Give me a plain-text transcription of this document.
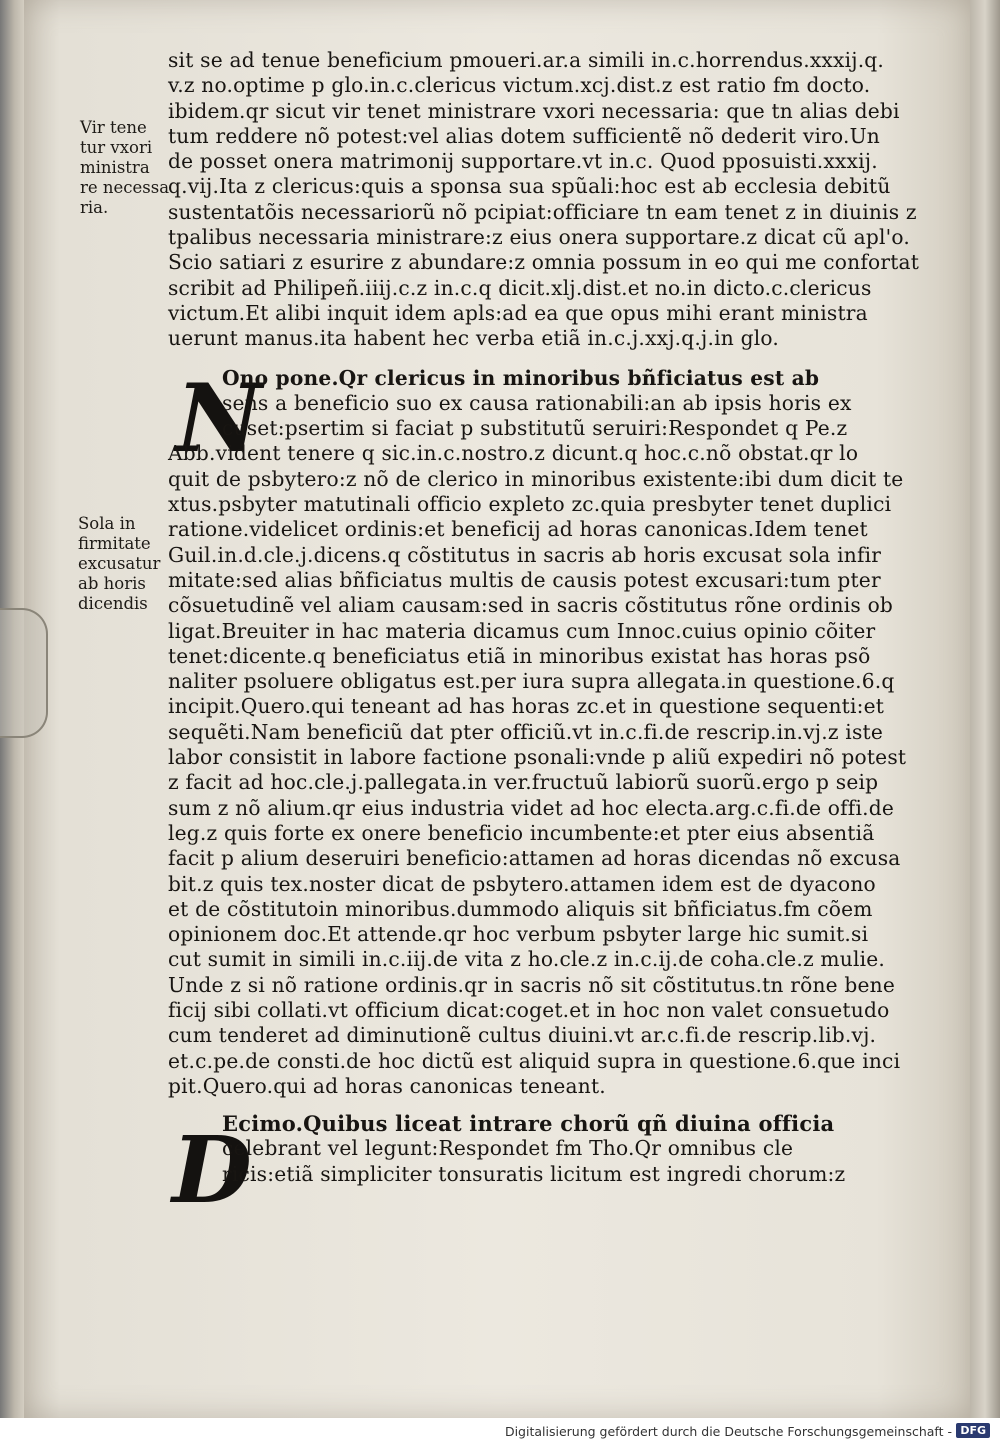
Vir tene
tur vxori
ministra
re necessa
ria.
Sola in
firmitate
excusatur
ab horis
dicendis
N
D
sit se ad tenue beneficium pmoueri.ar.a simili in.c.horrendus.xxxij.q.
v.z no.optime p glo.in.c.clericus victum.xcj.dist.z est ratio fm docto.
ibidem.qr sicut vir tenet ministrare vxori necessaria: que tn alias debi
tum reddere nõ potest:vel alias dotem sufficientẽ nõ dederit viro.Un
de posset onera matrimonij supportare.vt in.c. Quod pposuisti.xxxij.
q.vij.Ita z clericus:quis a sponsa sua spũali:hoc est ab ecclesia debitũ
sustentatõis necessariorũ nõ pcipiat:officiare tn eam tenet z in diuinis z
tpalibus necessaria ministrare:z eius onera supportare.z dicat cũ apl'o.
Scio satiari z esurire z abundare:z omnia possum in eo qui me confortat
scribit ad Philipeñ.iiij.c.z in.c.q dicit.xlj.dist.et no.in dicto.c.clericus
victum.Et alibi inquit idem apls:ad ea que opus mihi erant ministra
uerunt manus.ita habent hec verba etiã in.c.j.xxj.q.j.in glo.
Ono pone.Qr clericus in minoribus bñficiatus est ab
sens a beneficio suo ex causa rationabili:an ab ipsis horis ex
cuset:psertim si faciat p substitutũ seruiri:Respondet q Pe.z
Abb.vident tenere q sic.in.c.nostro.z dicunt.q hoc.c.nõ obstat.qr lo
quit de psbytero:z nõ de clerico in minoribus existente:ibi dum dicit te
xtus.psbyter matutinali officio expleto zc.quia presbyter tenet duplici
ratione.videlicet ordinis:et beneficij ad horas canonicas.Idem tenet
Guil.in.d.cle.j.dicens.q cõstitutus in sacris ab horis excusat sola infir
mitate:sed alias bñficiatus multis de causis potest excusari:tum pter
cõsuetudinẽ vel aliam causam:sed in sacris cõstitutus rõne ordinis ob
ligat.Breuiter in hac materia dicamus cum Innoc.cuius opinio cõiter
tenet:dicente.q beneficiatus etiã in minoribus existat has horas psõ
naliter psoluere obligatus est.per iura supra allegata.in questione.6.q
incipit.Quero.qui teneant ad has horas zc.et in questione sequenti:et
sequẽti.Nam beneficiũ dat pter officiũ.vt in.c.fi.de rescrip.in.vj.z iste
labor consistit in labore factione psonali:vnde p aliũ expediri nõ potest
z facit ad hoc.cle.j.pallegata.in ver.fructuũ labiorũ suorũ.ergo p seip
sum z nõ alium.qr eius industria videt ad hoc electa.arg.c.fi.de offi.de
leg.z quis forte ex onere beneficio incumbente:et pter eius absentiã
facit p alium deseruiri beneficio:attamen ad horas dicendas nõ excusa
bit.z quis tex.noster dicat de psbytero.attamen idem est de dyacono
et de cõstitutoin minoribus.dummodo aliquis sit bñficiatus.fm cõem
opinionem doc.Et attende.qr hoc verbum psbyter large hic sumit.si
cut sumit in simili in.c.iij.de vita z ho.cle.z in.c.ij.de coha.cle.z mulie.
Unde z si nõ ratione ordinis.qr in sacris nõ sit cõstitutus.tn rõne bene
ficij sibi collati.vt officium dicat:coget.et in hoc non valet consuetudo
cum tenderet ad diminutionẽ cultus diuini.vt ar.c.fi.de rescrip.lib.vj.
et.c.pe.de consti.de hoc dictũ est aliquid supra in questione.6.que inci
pit.Quero.qui ad horas canonicas teneant.
Ecimo.Quibus liceat intrare chorũ qñ diuina officia
celebrant vel legunt:Respondet fm Tho.Qr omnibus cle
ricis:etiã simpliciter tonsuratis licitum est ingredi chorum:z
Digitalisierung gefördert durch die Deutsche Forschungsgemeinschaft - DFG
